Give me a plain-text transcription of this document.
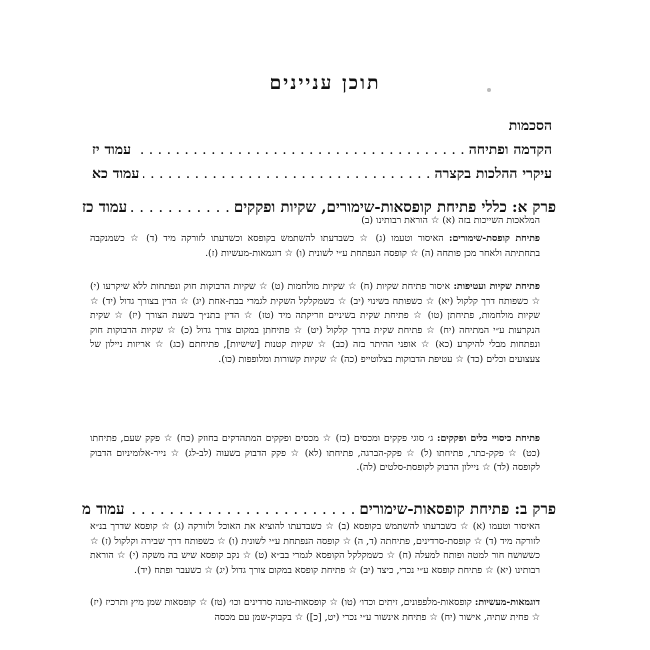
תוכן עניינים
הסכמות
הקדמה ופתיחה
. . .
עמוד יז
עיקרי ההלכות בקצרה
. . .
עמוד כא
פרק א: כללי פתיחת קופסאות-שימורים, שקיות ופקקים
. . .
עמוד כז
המלאכות השייכות בזה (א) ☆ הוראת רבותינו (ב)
פתיחת קופסת-שימורים: האיסור וטעמו (ג) ☆ כשבדעתו להשתמש בקופסא וכשדעתו לזורקה מיד (ד) ☆ כשמנקבה בתחתיתה ולאחר מכן פותחה (ה) ☆ קופסה הנפתחת ע״י לשונית (ו) ☆ דוגמאות-מעשיות (ז).
פתיחת שקיות ועטיפות: איסור פתיחת שקיות (ח) ☆ שקיות מולחמות (ט) ☆ שקיות הדבוקות חוק ונפתחות ללא שיקרעו (י) ☆ כשפותח דרך קלקול (יא) ☆ כשפותח בשינוי (יב) ☆ כשמקלקל השקית לגמרי בבת-אחת (יג) ☆ הדין בצורך גדול (יד) ☆ שקיות מולחמות, פתיחתן (טו) ☆ פתיחת שקית בשיניים וזריקתה מיד (טז) ☆ הדין בתנ״ך בשעת הצורך (יז) ☆ שקית הנקרעות ע״י המתיחה (יח) ☆ פתיחת שקית בדרך קלקול (יט) ☆ פתיחתן במקום צורך גדול (כ) ☆ שקיות הדבוקות חוק ונפתחות מבלי להיקרע (כא) ☆ אופני ההיתר בזה (כב) ☆ שקיות קטנות [שישיות], פתיחתם (כג) ☆ אריזות ניילון של צעצועים וכלים (כד) ☆ עטיפת הדבוקות בצלוטייפ (כה) ☆ שקיות קשורות ומלופפות (כו).
פתיחת כיסויי כלים ופקקים: ג׳ סוגי פקקים ומכסים (כז) ☆ מכסים ופקקים המתהדקים בחוזק (כח) ☆ פקק שעם, פתיחתו (כט) ☆ פקק-כתר, פתיחתו (ל) ☆ פקק-הברגה, פתיחתו (לא) ☆ פקק הדבוק בשעוה (לב-לג) ☆ נייר-אלומיניום הדבוק לקופסה (לד) ☆ ניילון הדבוק לקופסת-סלטים (לה).
פרק ב: פתיחת קופסאות-שימורים
. . .
עמוד מ
האיסור וטעמו (א) ☆ כשבדעתו להשתמש בקופסא (ב) ☆ כשבדעתו להוציא את האוכל ולזורקה (ג) ☆ קופסא שדרך בנ״א לזורקה מיד (ד) ☆ קופסת-סרדינים, פתיחתה (ד, ה) ☆ קופסה הנפתחת ע״י לשונית (ו) ☆ כשפותח דרך שבירה וקלקול (ז) ☆ כששושח חור למטה ופותח למעלה (ח) ☆ כשמקלקל הקופסא לגמרי בב״א (ט) ☆ נקב קופסא שיש בה משקה (י) ☆ הוראת רבותינו (יא) ☆ פתיחת קופסא ע״י נכרי, כיצד (יב) ☆ פתיחת קופסא במקום צורך גדול (יג) ☆ כשעבר ופתח (יד).
דוגמאות-מעשיות: קופסאות-מלפפונים, זיתים וכדו׳ (טו) ☆ קופסאות-טונה סרדינים וכו׳ (טז) ☆ קופסאות שמן מיץ ותרכיז (יז) ☆ פחית שתיה, אישור (יח) ☆ פתיחת אינשור ע״י נכרי (יט, [כ]) ☆ בקבוק-שמן עם מכסה
